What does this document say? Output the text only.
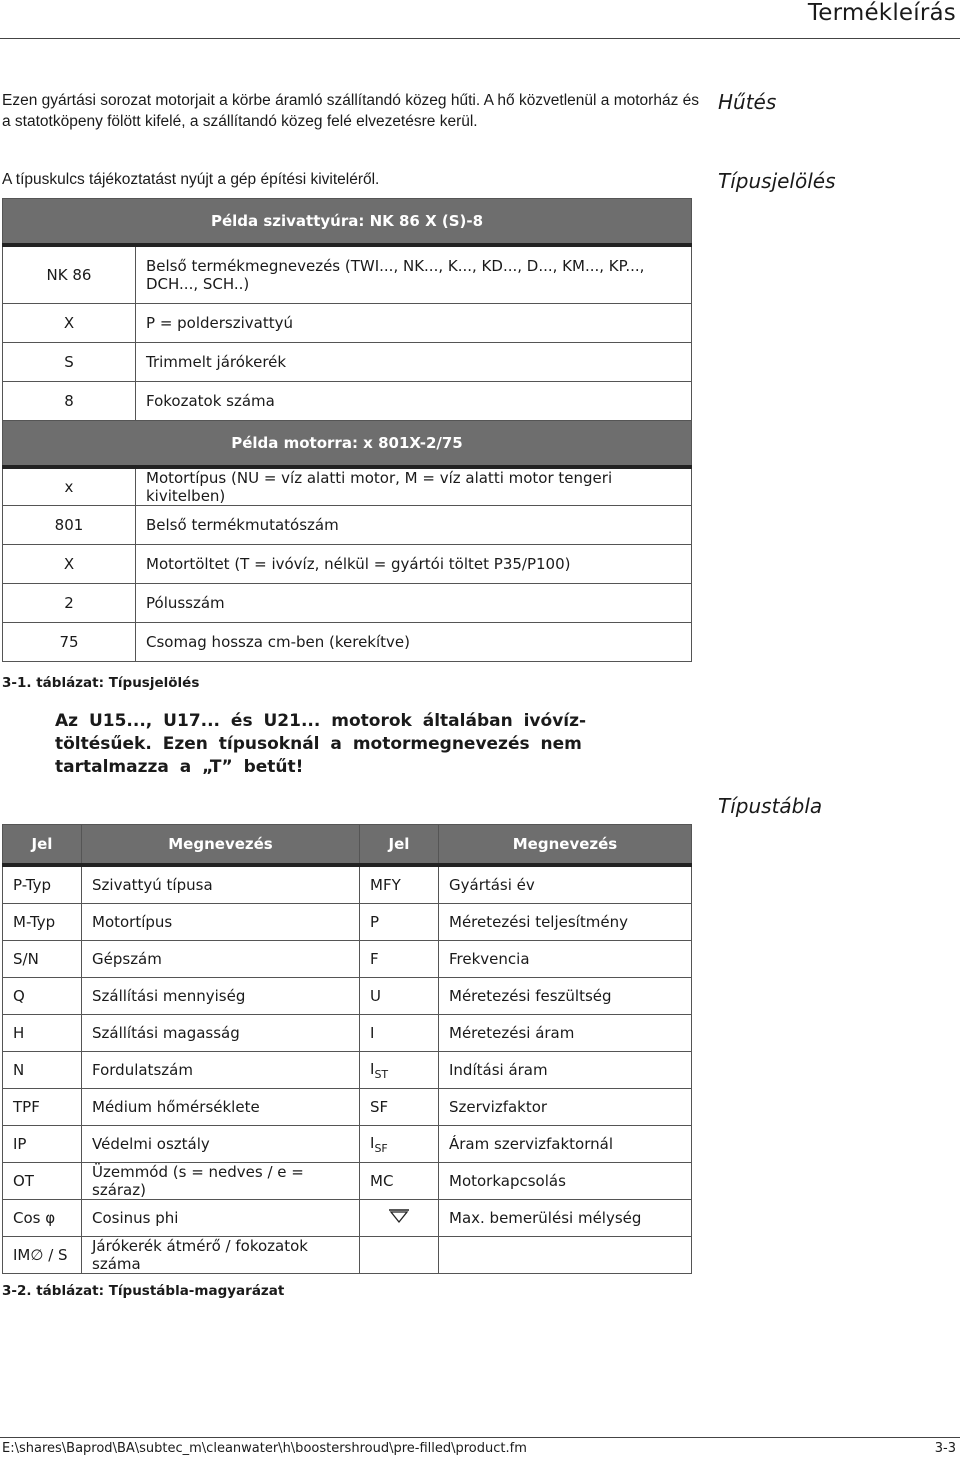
Termékleírás
Ezen gyártási sorozat motorjait a körbe áramló szállítandó közeg hűti. A hő közvetlenül a motorház és a statotköpeny fölött kifelé, a szállítandó közeg felé elvezetésre kerül.
Hűtés
A típuskulcs tájékoztatást nyújt a gép építési kiviteléről.	Típusjelölés
Példa szivattyúra: NK 86 X (S)-8	
NK 86	Belső termékmegnevezés (TWI..., NK..., K..., KD..., D..., KM..., KP..., DCH..., SCH..)
X	P = polderszivattyú
S	Trimmelt járókerék
8	Fokozatok száma
Példa motorra: x 801X-2/75	
x	Motortípus (NU = víz alatti motor, M = víz alatti motor tengeri kivitelben)
801	Belső termékmutatószám
X	Motortöltet (T = ivóvíz, nélkül = gyártói töltet P35/P100)
2	Pólusszám
75	Csomag hossza cm-ben (kerekítve)
3-1. táblázat: Típusjelölés
Az U15..., U17... és U21... motorok általában ivóvíz-töltésűek. Ezen típusoknál a motormegnevezés nem tartalmazza a „T” betűt!
Típustábla
Jel	Megnevezés	Jel	Megnevezés
P-Typ	Szivattyú típusa	MFY	Gyártási év
M-Typ	Motortípus	P	Méretezési teljesítmény
S/N	Gépszám	F	Frekvencia
Q	Szállítási mennyiség	U	Méretezési feszültség
H	Szállítási magasság	I	Méretezési áram
N	Fordulatszám	$I_{ST}$	Indítási áram
TPF	Médium hőmérséklete	SF	Szervizfaktor
IP	Védelmi osztály	$I_{SF}$	Áram szervizfaktornál
OT	Üzemmód (s = nedves / e = száraz)	MC	Motorkapcsolás
Cos φ	Cosinus phi		Max. bemerülési mélység
IM∅ / S	Járókerék átmérő / fokozatok száma		
3-2. táblázat: Típustábla-magyarázat
E:\shares\Baprod\BA\subtec_m\cleanwater\h\boostershroud\pre-filled\product.fm	3-3
